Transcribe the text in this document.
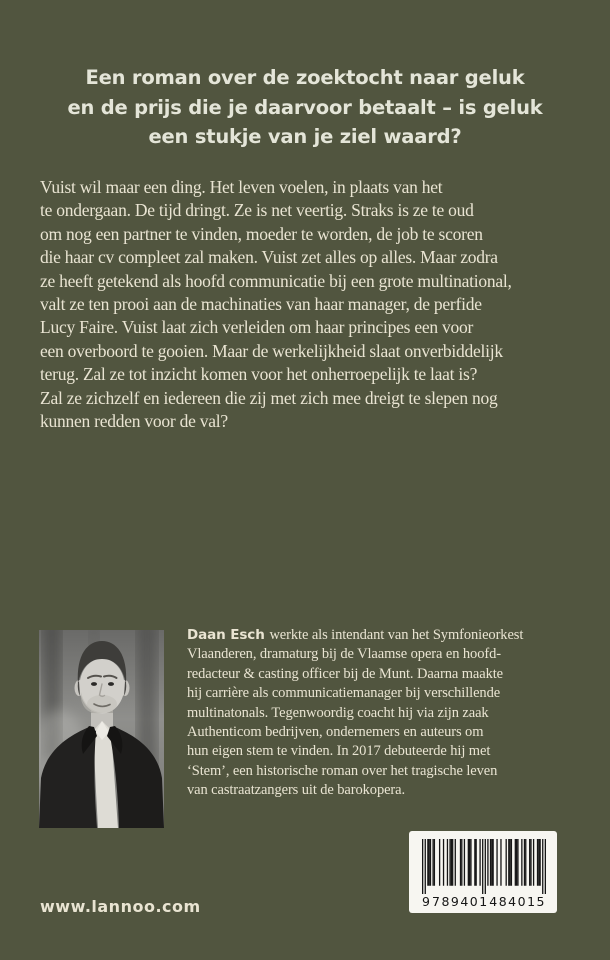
Een roman over de zoektocht naar geluk
en de prijs die je daarvoor betaalt – is geluk
een stukje van je ziel waard?
Vuist wil maar een ding. Het leven voelen, in plaats van het
te ondergaan. De tijd dringt. Ze is net veertig. Straks is ze te oud
om nog een partner te vinden, moeder te worden, de job te scoren
die haar cv compleet zal maken. Vuist zet alles op alles. Maar zodra
ze heeft getekend als hoofd communicatie bij een grote multinational,
valt ze ten prooi aan de machinaties van haar manager, de perfide
Lucy Faire. Vuist laat zich verleiden om haar principes een voor
een overboord te gooien. Maar de werkelijkheid slaat onverbiddelijk
terug. Zal ze tot inzicht komen voor het onherroepelijk te laat is?
Zal ze zichzelf en iedereen die zij met zich mee dreigt te slepen nog
kunnen redden voor de val?
Daan Esch werkte als intendant van het Symfonieorkest
Vlaanderen, dramaturg bij de Vlaamse opera en hoofd-
redacteur & casting officer bij de Munt. Daarna maakte
hij carrière als communicatiemanager bij verschillende
multinatonals. Tegenwoordig coacht hij via zijn zaak
Authenticom bedrijven, ondernemers en auteurs om
hun eigen stem te vinden. In 2017 debuteerde hij met
‘Stem’, een historische roman over het tragische leven
van castraatzangers uit de barokopera.
www.lannoo.com	9 789401 484015
